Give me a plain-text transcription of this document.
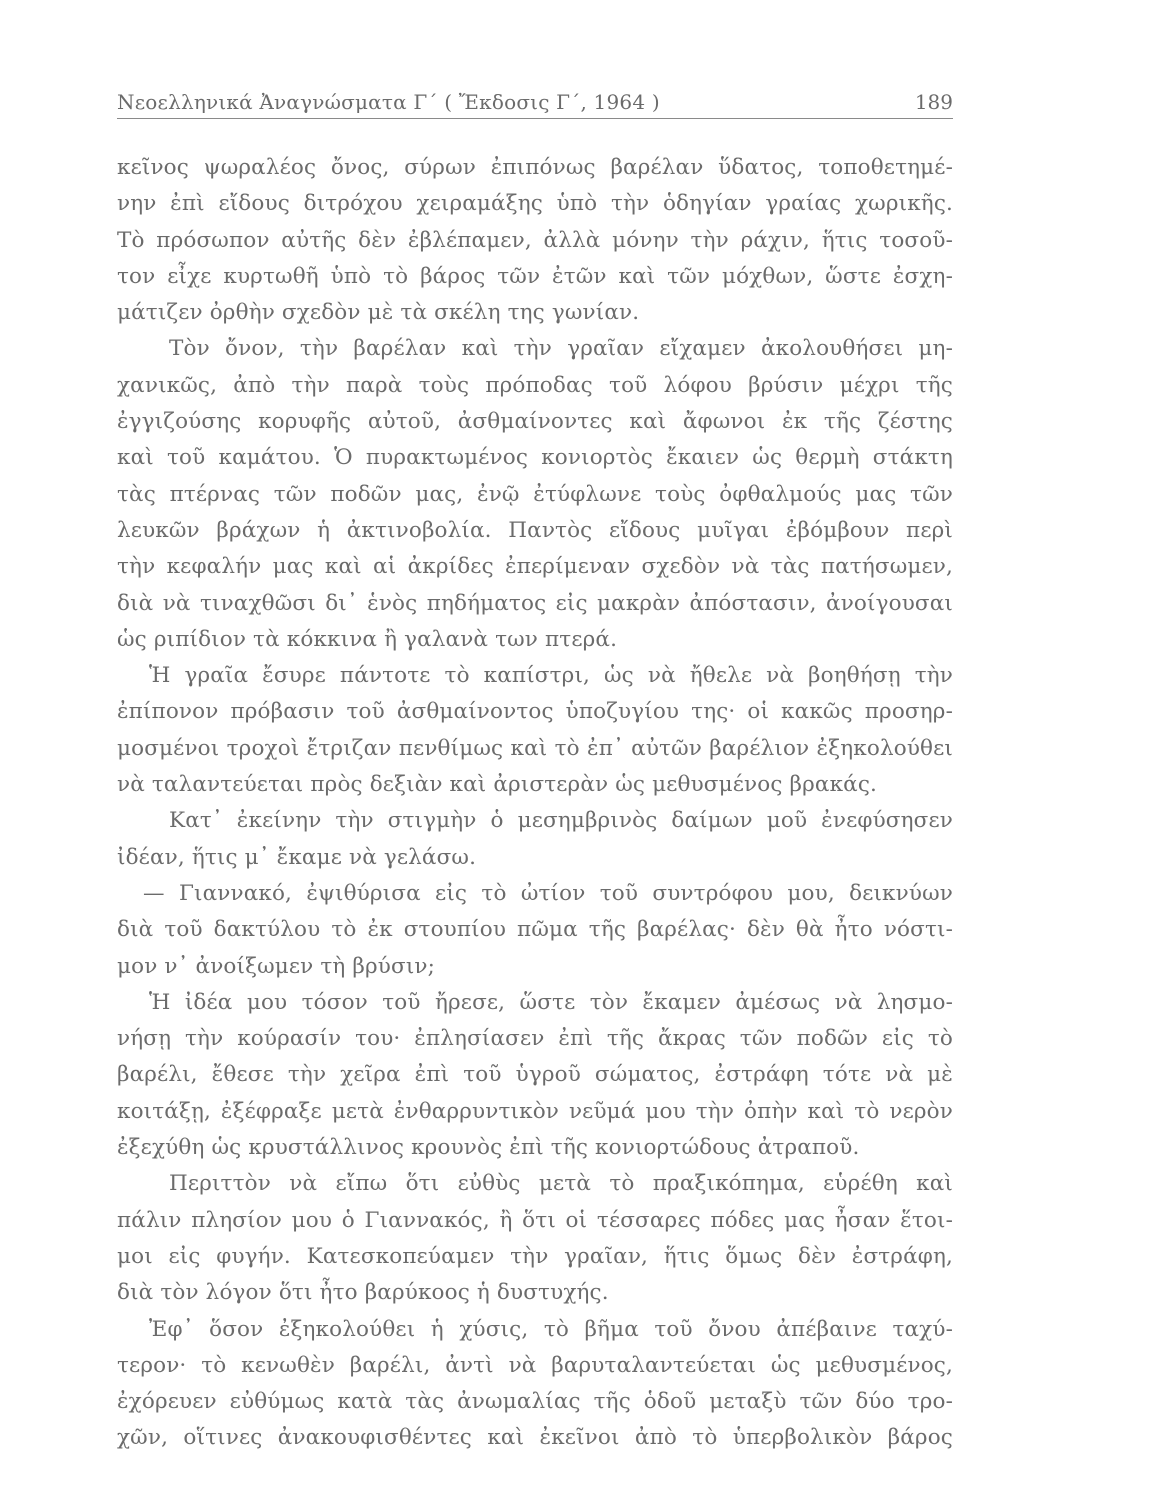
Νεοελληνικά Ἀναγνώσματα Γ΄ ( Ἔκδοσις Γ΄, 1964 )	189
κεῖνος ψωραλέος ὄνος, σύρων ἐπιπόνως βαρέλαν ὕδατος, τοποθετημέ-
νην ἐπὶ εἴδους διτρόχου χειραμάξης ὑπὸ τὴν ὁδηγίαν γραίας χωρικῆς.
Τὸ πρόσωπον αὐτῆς δὲν ἐβλέπαμεν, ἀλλὰ μόνην τὴν ράχιν, ἥτις τοσοῦ-
τον εἶχε κυρτωθῆ ὑπὸ τὸ βάρος τῶν ἐτῶν καὶ τῶν μόχθων, ὥστε ἐσχη-
μάτιζεν ὀρθὴν σχεδὸν μὲ τὰ σκέλη της γωνίαν.
Τὸν ὄνον, τὴν βαρέλαν καὶ τὴν γραῖαν εἴχαμεν ἀκολουθήσει μη-
χανικῶς, ἀπὸ τὴν παρὰ τοὺς πρόποδας τοῦ λόφου βρύσιν μέχρι τῆς
ἐγγιζούσης κορυφῆς αὐτοῦ, ἀσθμαίνοντες καὶ ἄφωνοι ἐκ τῆς ζέστης
καὶ τοῦ καμάτου. Ὁ πυρακτωμένος κονιορτὸς ἔκαιεν ὡς θερμὴ στάκτη
τὰς πτέρνας τῶν ποδῶν μας, ἐνῷ ἐτύφλωνε τοὺς ὀφθαλμούς μας τῶν
λευκῶν βράχων ἡ ἀκτινοβολία. Παντὸς εἴδους μυῖγαι ἐβόμβουν περὶ
τὴν κεφαλήν μας καὶ αἱ ἀκρίδες ἐπερίμεναν σχεδὸν νὰ τὰς πατήσωμεν,
διὰ νὰ τιναχθῶσι δι᾿ ἑνὸς πηδήματος εἰς μακρὰν ἀπόστασιν, ἀνοίγουσαι
ὡς ριπίδιον τὰ κόκκινα ἢ γαλανὰ των πτερά.
Ἡ γραῖα ἔσυρε πάντοτε τὸ καπίστρι, ὡς νὰ ἤθελε νὰ βοηθήσῃ τὴν
ἐπίπονον πρόβασιν τοῦ ἀσθμαίνοντος ὑποζυγίου της· οἱ κακῶς προσηρ-
μοσμένοι τροχοὶ ἔτριζαν πενθίμως καὶ τὸ ἐπ᾿ αὐτῶν βαρέλιον ἐξηκολούθει
νὰ ταλαντεύεται πρὸς δεξιὰν καὶ ἀριστερὰν ὡς μεθυσμένος βρακάς.
Κατ᾿ ἐκείνην τὴν στιγμὴν ὁ μεσημβρινὸς δαίμων μοῦ ἐνεφύσησεν
ἰδέαν, ἥτις μ᾿ ἔκαμε νὰ γελάσω.
— Γιαννακό, ἐψιθύρισα εἰς τὸ ὠτίον τοῦ συντρόφου μου, δεικνύων
διὰ τοῦ δακτύλου τὸ ἐκ στουπίου πῶμα τῆς βαρέλας· δὲν θὰ ἦτο νόστι-
μον ν᾿ ἀνοίξωμεν τὴ βρύσιν;
Ἡ ἰδέα μου τόσον τοῦ ἤρεσε, ὥστε τὸν ἔκαμεν ἀμέσως νὰ λησμο-
νήσῃ τὴν κούρασίν του· ἐπλησίασεν ἐπὶ τῆς ἄκρας τῶν ποδῶν εἰς τὸ
βαρέλι, ἔθεσε τὴν χεῖρα ἐπὶ τοῦ ὑγροῦ σώματος, ἐστράφη τότε νὰ μὲ
κοιτάξῃ, ἐξέφραξε μετὰ ἐνθαρρυντικὸν νεῦμά μου τὴν ὀπὴν καὶ τὸ νερὸν
ἐξεχύθη ὡς κρυστάλλινος κρουνὸς ἐπὶ τῆς κονιορτώδους ἀτραποῦ.
Περιττὸν νὰ εἴπω ὅτι εὐθὺς μετὰ τὸ πραξικόπημα, εὑρέθη καὶ
πάλιν πλησίον μου ὁ Γιαννακός, ἢ ὅτι οἱ τέσσαρες πόδες μας ἦσαν ἕτοι-
μοι εἰς φυγήν. Κατεσκοπεύαμεν τὴν γραῖαν, ἥτις ὅμως δὲν ἐστράφη,
διὰ τὸν λόγον ὅτι ἦτο βαρύκοος ἡ δυστυχής.
Ἐφ᾿ ὅσον ἐξηκολούθει ἡ χύσις, τὸ βῆμα τοῦ ὄνου ἀπέβαινε ταχύ-
τερον· τὸ κενωθὲν βαρέλι, ἀντὶ νὰ βαρυταλαντεύεται ὡς μεθυσμένος,
ἐχόρευεν εὐθύμως κατὰ τὰς ἀνωμαλίας τῆς ὁδοῦ μεταξὺ τῶν δύο τρο-
χῶν, οἵτινες ἀνακουφισθέντες καὶ ἐκεῖνοι ἀπὸ τὸ ὑπερβολικὸν βάρος
